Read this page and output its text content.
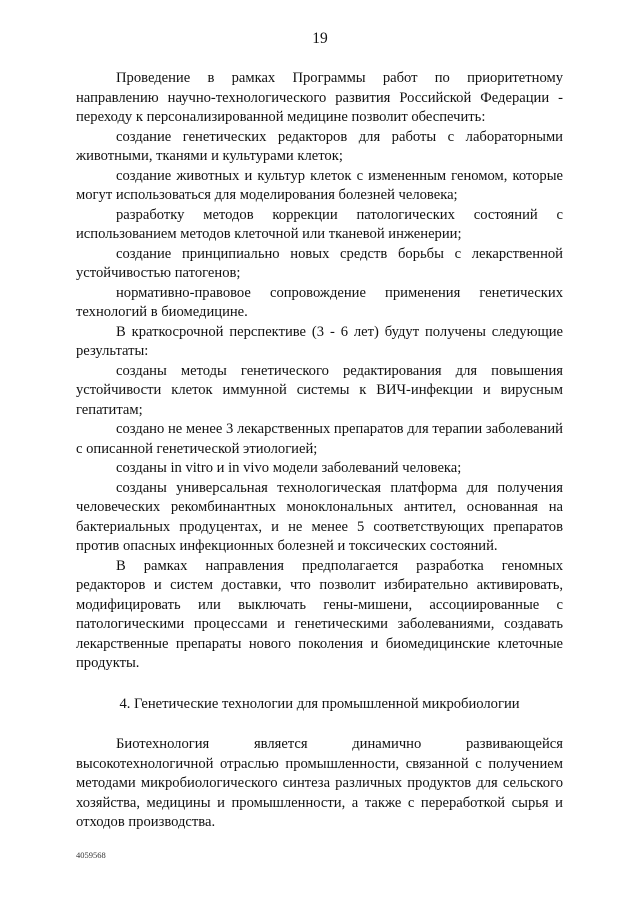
19

Проведение в рамках Программы работ по приоритетному направлению научно-технологического развития Российской Федерации - переходу к персонализированной медицине позволит обеспечить:

создание генетических редакторов для работы с лабораторными животными, тканями и культурами клеток;

создание животных и культур клеток с измененным геномом, которые могут использоваться для моделирования болезней человека;

разработку методов коррекции патологических состояний с использованием методов клеточной или тканевой инженерии;

создание принципиально новых средств борьбы с лекарственной устойчивостью патогенов;

нормативно-правовое сопровождение применения генетических технологий в биомедицине.

В краткосрочной перспективе (3 - 6 лет) будут получены следующие результаты:

созданы методы генетического редактирования для повышения устойчивости клеток иммунной системы к ВИЧ-инфекции и вирусным гепатитам;

создано не менее 3 лекарственных препаратов для терапии заболеваний с описанной генетической этиологией;

созданы in vitro и in vivo модели заболеваний человека;

созданы универсальная технологическая платформа для получения человеческих рекомбинантных моноклональных антител, основанная на бактериальных продуцентах, и не менее 5 соответствующих препаратов против опасных инфекционных болезней и токсических состояний.

В рамках направления предполагается разработка геномных редакторов и систем доставки, что позволит избирательно активировать, модифицировать или выключать гены-мишени, ассоциированные с патологическими процессами и генетическими заболеваниями, создавать лекарственные препараты нового поколения и биомедицинские клеточные продукты.

4. Генетические технологии для промышленной микробиологии

Биотехнология является динамично развивающейся высокотехнологичной отраслью промышленности, связанной с получением методами микробиологического синтеза различных продуктов для сельского хозяйства, медицины и промышленности, а также с переработкой сырья и отходов производства.

4059568
